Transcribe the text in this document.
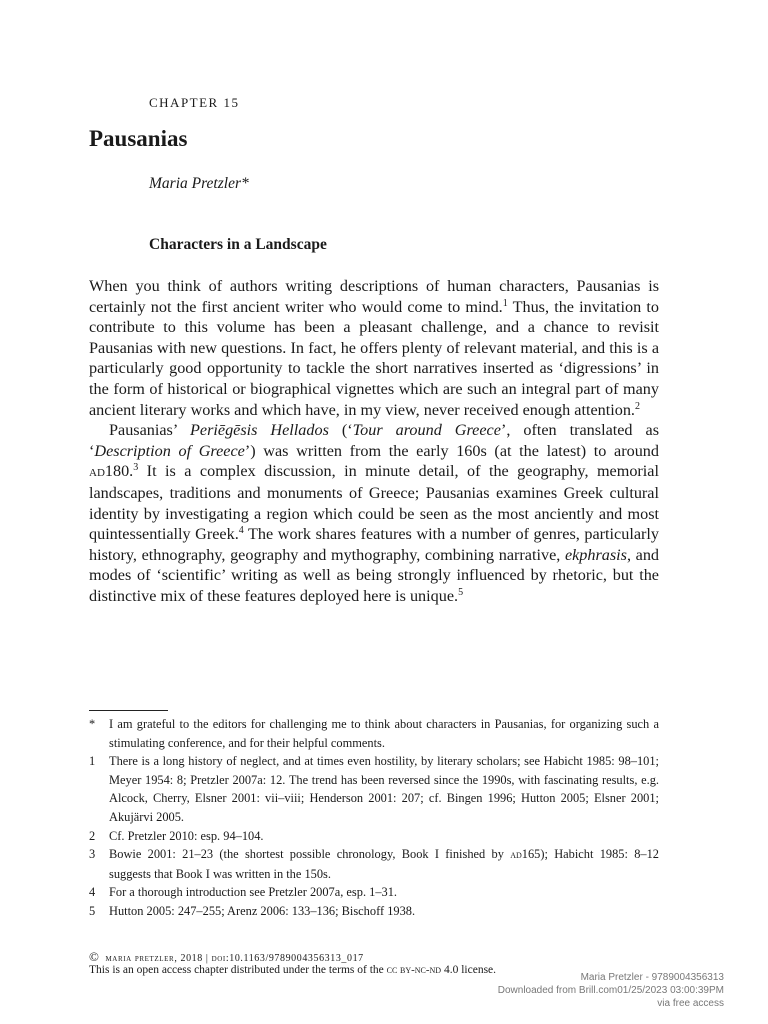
CHAPTER 15
Pausanias
Maria Pretzler*
Characters in a Landscape

When you think of authors writing descriptions of human characters, Pausanias is certainly not the first ancient writer who would come to mind.$^1$ Thus, the invitation to contribute to this volume has been a pleasant challenge, and a chance to revisit Pausanias with new questions. In fact, he offers plenty of relevant material, and this is a particularly good opportunity to tackle the short narratives inserted as ‘digressions’ in the form of historical or biographical vignettes which are such an integral part of many ancient literary works and which have, in my view, never received enough attention.$^2$

Pausanias’ Periēgēsis Hellados (‘Tour around Greece’, often translated as ‘Description of Greece’) was written from the early 160s (at the latest) to around ad180.$^3$ It is a complex discussion, in minute detail, of the geography, memorial landscapes, traditions and monuments of Greece; Pausanias examines Greek cultural identity by investigating a region which could be seen as the most anciently and most quintessentially Greek.$^4$ The work shares features with a number of genres, particularly history, ethnography, geography and mythography, combining narrative, ekphrasis, and modes of ‘scientific’ writing as well as being strongly influenced by rhetoric, but the distinctive mix of these features deployed here is unique.$^5$

*	I am grateful to the editors for challenging me to think about characters in Pausanias, for organizing such a stimulating conference, and for their helpful comments.
1	There is a long history of neglect, and at times even hostility, by literary scholars; see Habicht 1985: 98–101; Meyer 1954: 8; Pretzler 2007a: 12. The trend has been reversed since the 1990s, with fascinating results, e.g. Alcock, Cherry, Elsner 2001: vii–viii; Henderson 2001: 207; cf. Bingen 1996; Hutton 2005; Elsner 2001; Akujärvi 2005.
2	Cf. Pretzler 2010: esp. 94–104.
3	Bowie 2001: 21–23 (the shortest possible chronology, Book I finished by ad165); Habicht 1985: 8–12 suggests that Book I was written in the 150s.
4	For a thorough introduction see Pretzler 2007a, esp. 1–31.
5	Hutton 2005: 247–255; Arenz 2006: 133–136; Bischoff 1938.
© maria pretzler, 2018 | doi:10.1163/9789004356313_017
This is an open access chapter distributed under the terms of the cc by-nc-nd 4.0 license.
Maria Pretzler - 9789004356313
Downloaded from Brill.com01/25/2023 03:00:39PM
via free access
